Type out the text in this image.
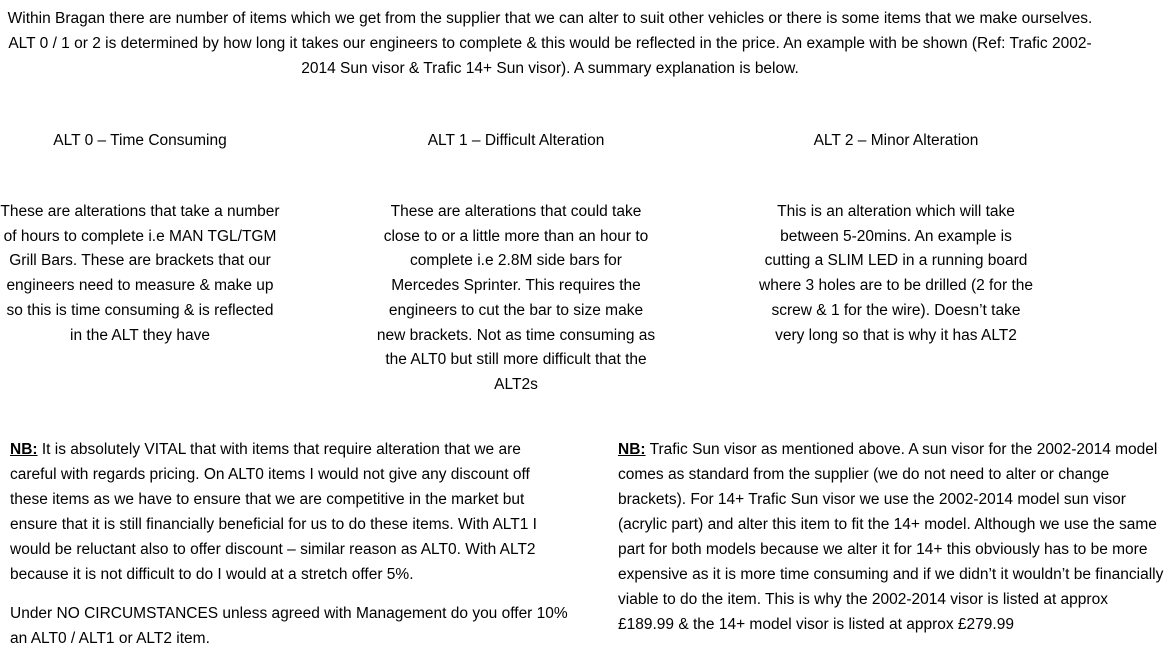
Within Bragan there are number of items which we get from the supplier that we can alter to suit other vehicles or there is some items that we make ourselves. ALT 0 / 1 or 2 is determined by how long it takes our engineers to complete & this would be reflected in the price. An example with be shown (Ref: Trafic 2002-2014 Sun visor & Trafic 14+ Sun visor). A summary explanation is below.
ALT 0 – Time Consuming	ALT 1 – Difficult Alteration	ALT 2 – Minor Alteration
These are alterations that take a number of hours to complete i.e MAN TGL/TGM Grill Bars. These are brackets that our engineers need to measure & make up so this is time consuming & is reflected in the ALT they have
These are alterations that could take close to or a little more than an hour to complete i.e 2.8M side bars for Mercedes Sprinter. This requires the engineers to cut the bar to size make new brackets. Not as time consuming as the ALT0 but still more difficult that the ALT2s
This is an alteration which will take between 5-20mins. An example is cutting a SLIM LED in a running board where 3 holes are to be drilled (2 for the screw & 1 for the wire). Doesn’t take very long so that is why it has ALT2
NB: It is absolutely VITAL that with items that require alteration that we are careful with regards pricing. On ALT0 items I would not give any discount off these items as we have to ensure that we are competitive in the market but ensure that it is still financially beneficial for us to do these items. With ALT1 I would be reluctant also to offer discount – similar reason as ALT0. With ALT2 because it is not difficult to do I would at a stretch offer 5%.
Under NO CIRCUMSTANCES unless agreed with Management do you offer 10% an ALT0 / ALT1 or ALT2 item.
NB: Trafic Sun visor as mentioned above. A sun visor for the 2002-2014 model comes as standard from the supplier (we do not need to alter or change brackets). For 14+ Trafic Sun visor we use the 2002-2014 model sun visor (acrylic part) and alter this item to fit the 14+ model. Although we use the same part for both models because we alter it for 14+ this obviously has to be more expensive as it is more time consuming and if we didn’t it wouldn’t be financially viable to do the item. This is why the 2002-2014 visor is listed at approx £189.99 & the 14+ model visor is listed at approx £279.99
